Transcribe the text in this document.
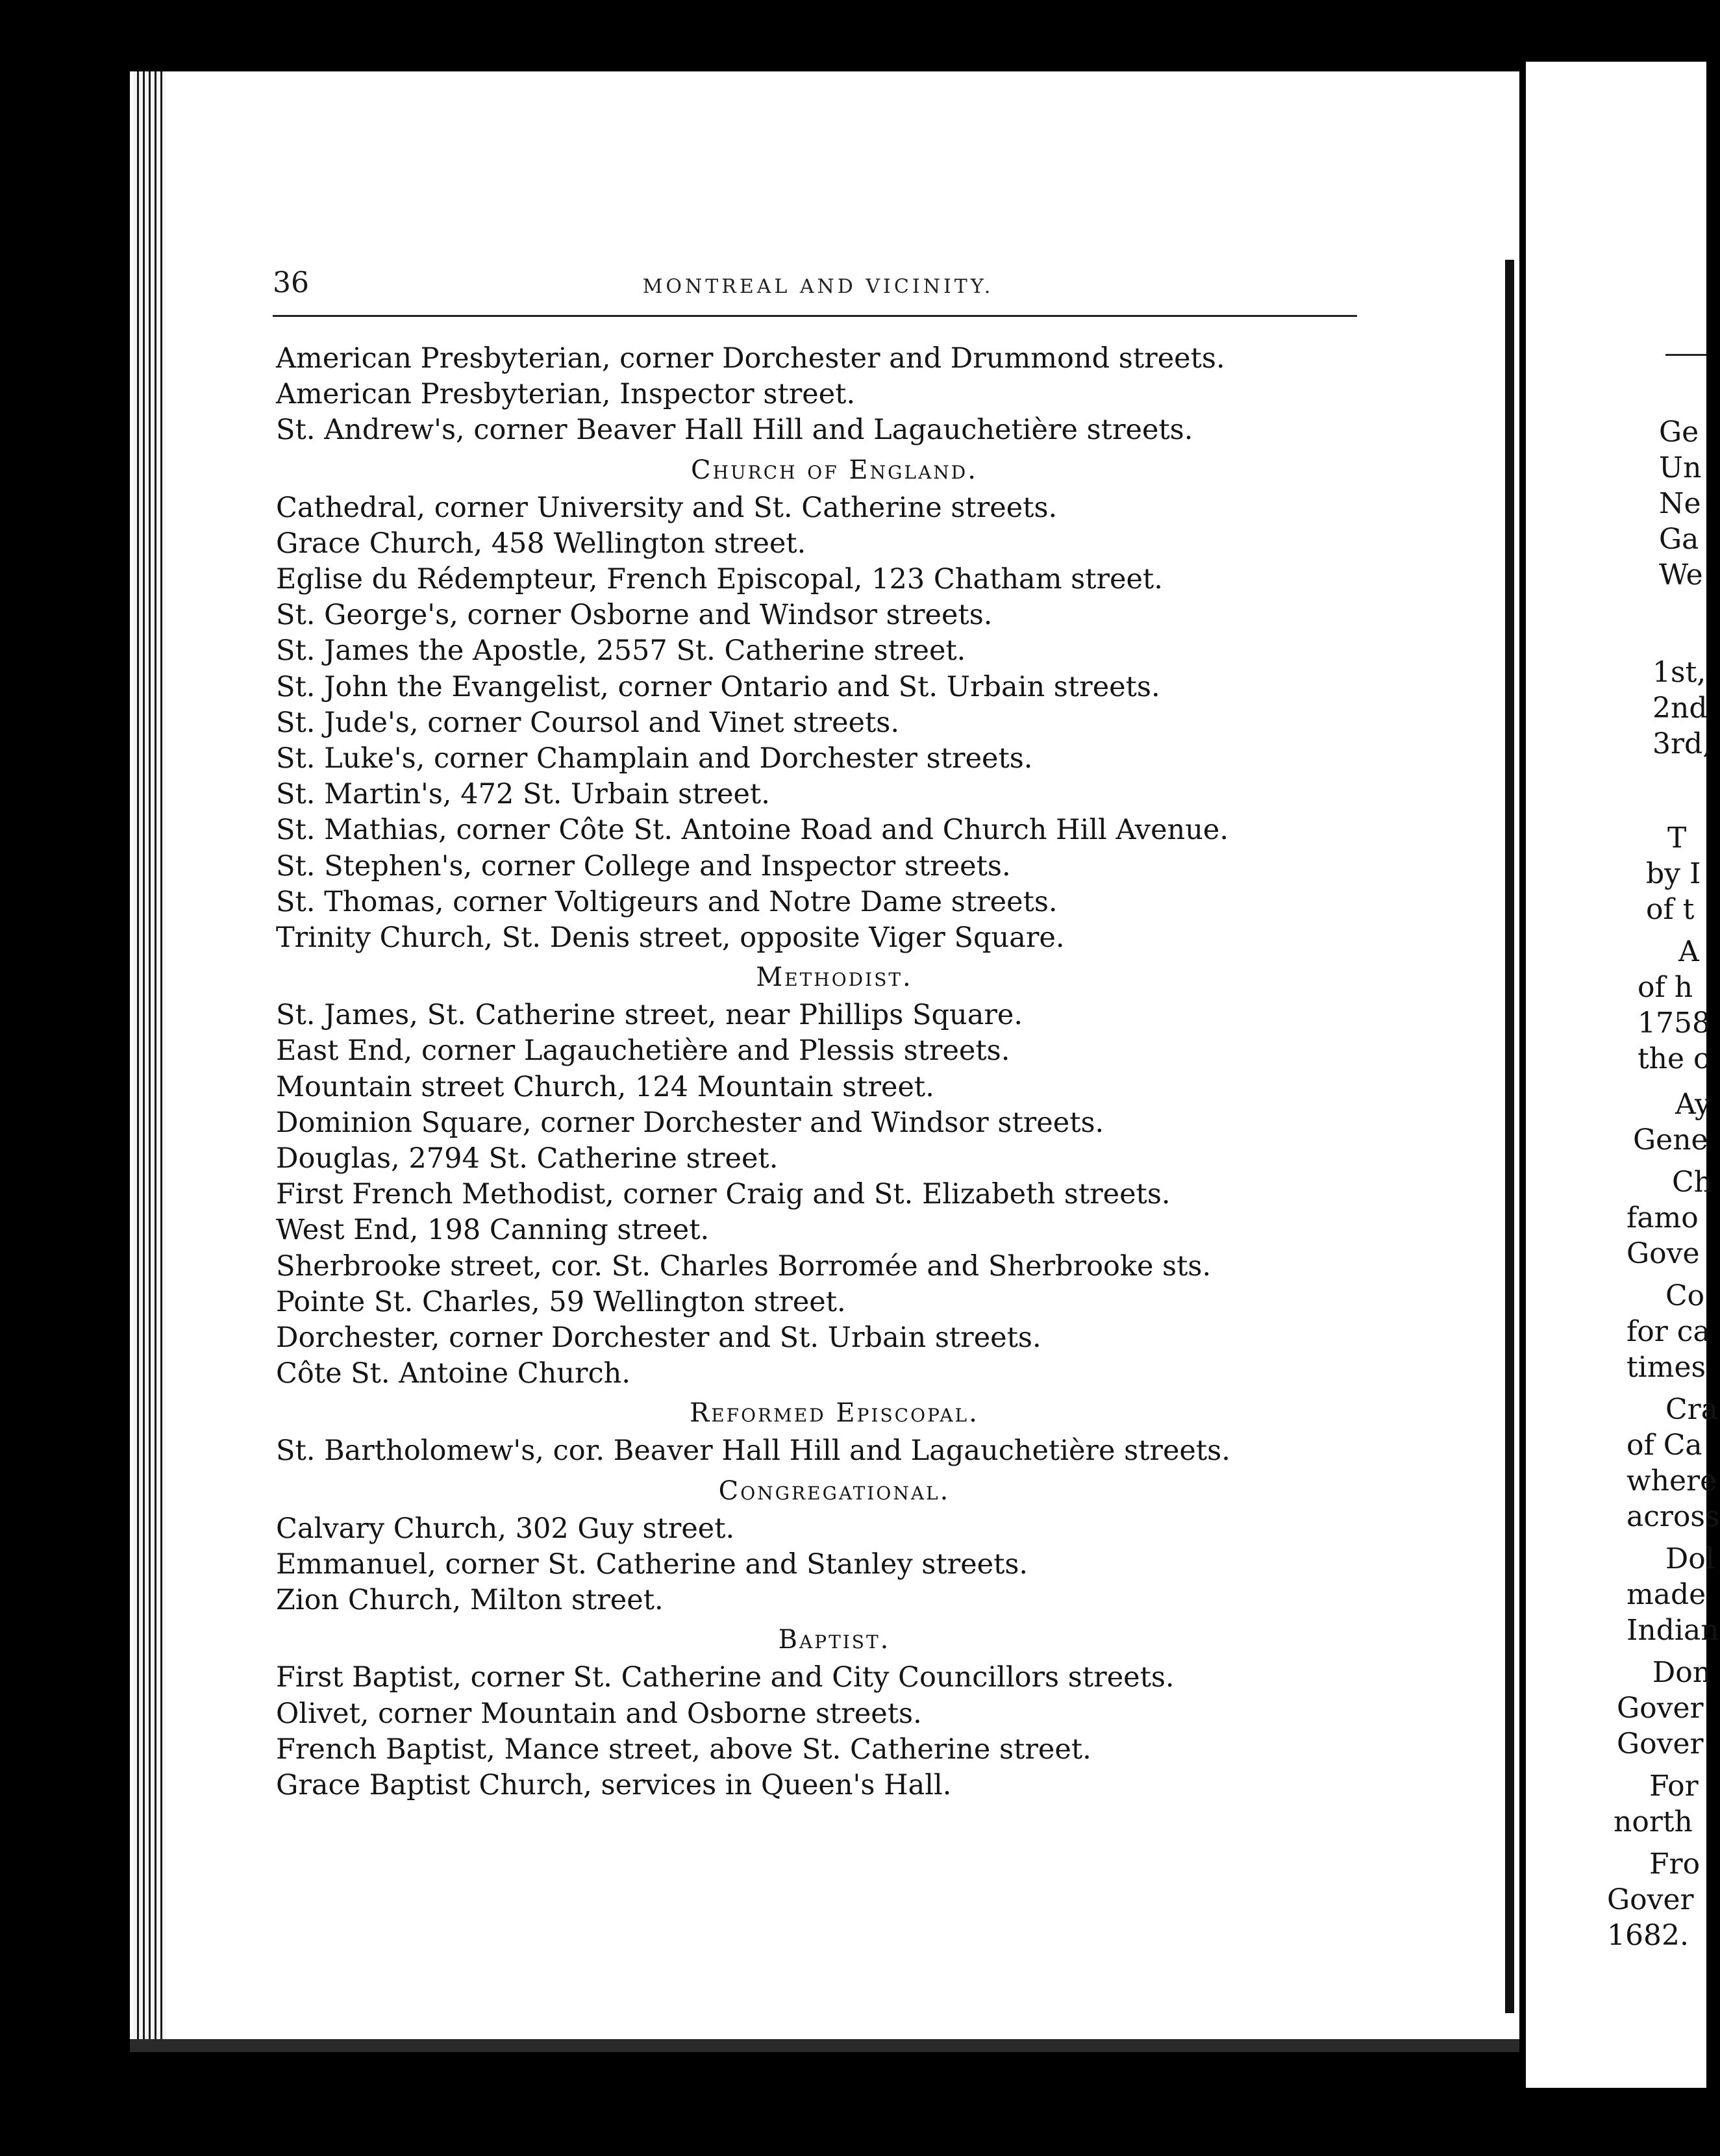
36	MONTREAL AND VICINITY.

American Presbyterian, corner Dorchester and Drummond streets.

American Presbyterian, Inspector street.

St. Andrew's, corner Beaver Hall Hill and Lagauchetière streets.

Church of England.

Cathedral, corner University and St. Catherine streets.

Grace Church, 458 Wellington street.

Eglise du Rédempteur, French Episcopal, 123 Chatham street.

St. George's, corner Osborne and Windsor streets.

St. James the Apostle, 2557 St. Catherine street.

St. John the Evangelist, corner Ontario and St. Urbain streets.

St. Jude's, corner Coursol and Vinet streets.

St. Luke's, corner Champlain and Dorchester streets.

St. Martin's, 472 St. Urbain street.

St. Mathias, corner Côte St. Antoine Road and Church Hill Avenue.

St. Stephen's, corner College and Inspector streets.

St. Thomas, corner Voltigeurs and Notre Dame streets.

Trinity Church, St. Denis street, opposite Viger Square.

Methodist.

St. James, St. Catherine street, near Phillips Square.

East End, corner Lagauchetière and Plessis streets.

Mountain street Church, 124 Mountain street.

Dominion Square, corner Dorchester and Windsor streets.

Douglas, 2794 St. Catherine street.

First French Methodist, corner Craig and St. Elizabeth streets.

West End, 198 Canning street.

Sherbrooke street, cor. St. Charles Borromée and Sherbrooke sts.

Pointe St. Charles, 59 Wellington street.

Dorchester, corner Dorchester and St. Urbain streets.

Côte St. Antoine Church.

Reformed Episcopal.

St. Bartholomew's, cor. Beaver Hall Hill and Lagauchetière streets.

Congregational.

Calvary Church, 302 Guy street.

Emmanuel, corner St. Catherine and Stanley streets.

Zion Church, Milton street.

Baptist.

First Baptist, corner St. Catherine and City Councillors streets.

Olivet, corner Mountain and Osborne streets.

French Baptist, Mance street, above St. Catherine street.

Grace Baptist Church, services in Queen's Hall.

Ge
Un
Ne
Ga
We
1st,
2nd
3rd,
T
by I
of t
A
of h
1758
the c
Ay
Gene
Ch
famo
Gove
Co
for ca
times
Cra
of Ca
where
across
Dol
made
Indian
Don
Gover
Gover
For
north
Fro
Gover
1682.
